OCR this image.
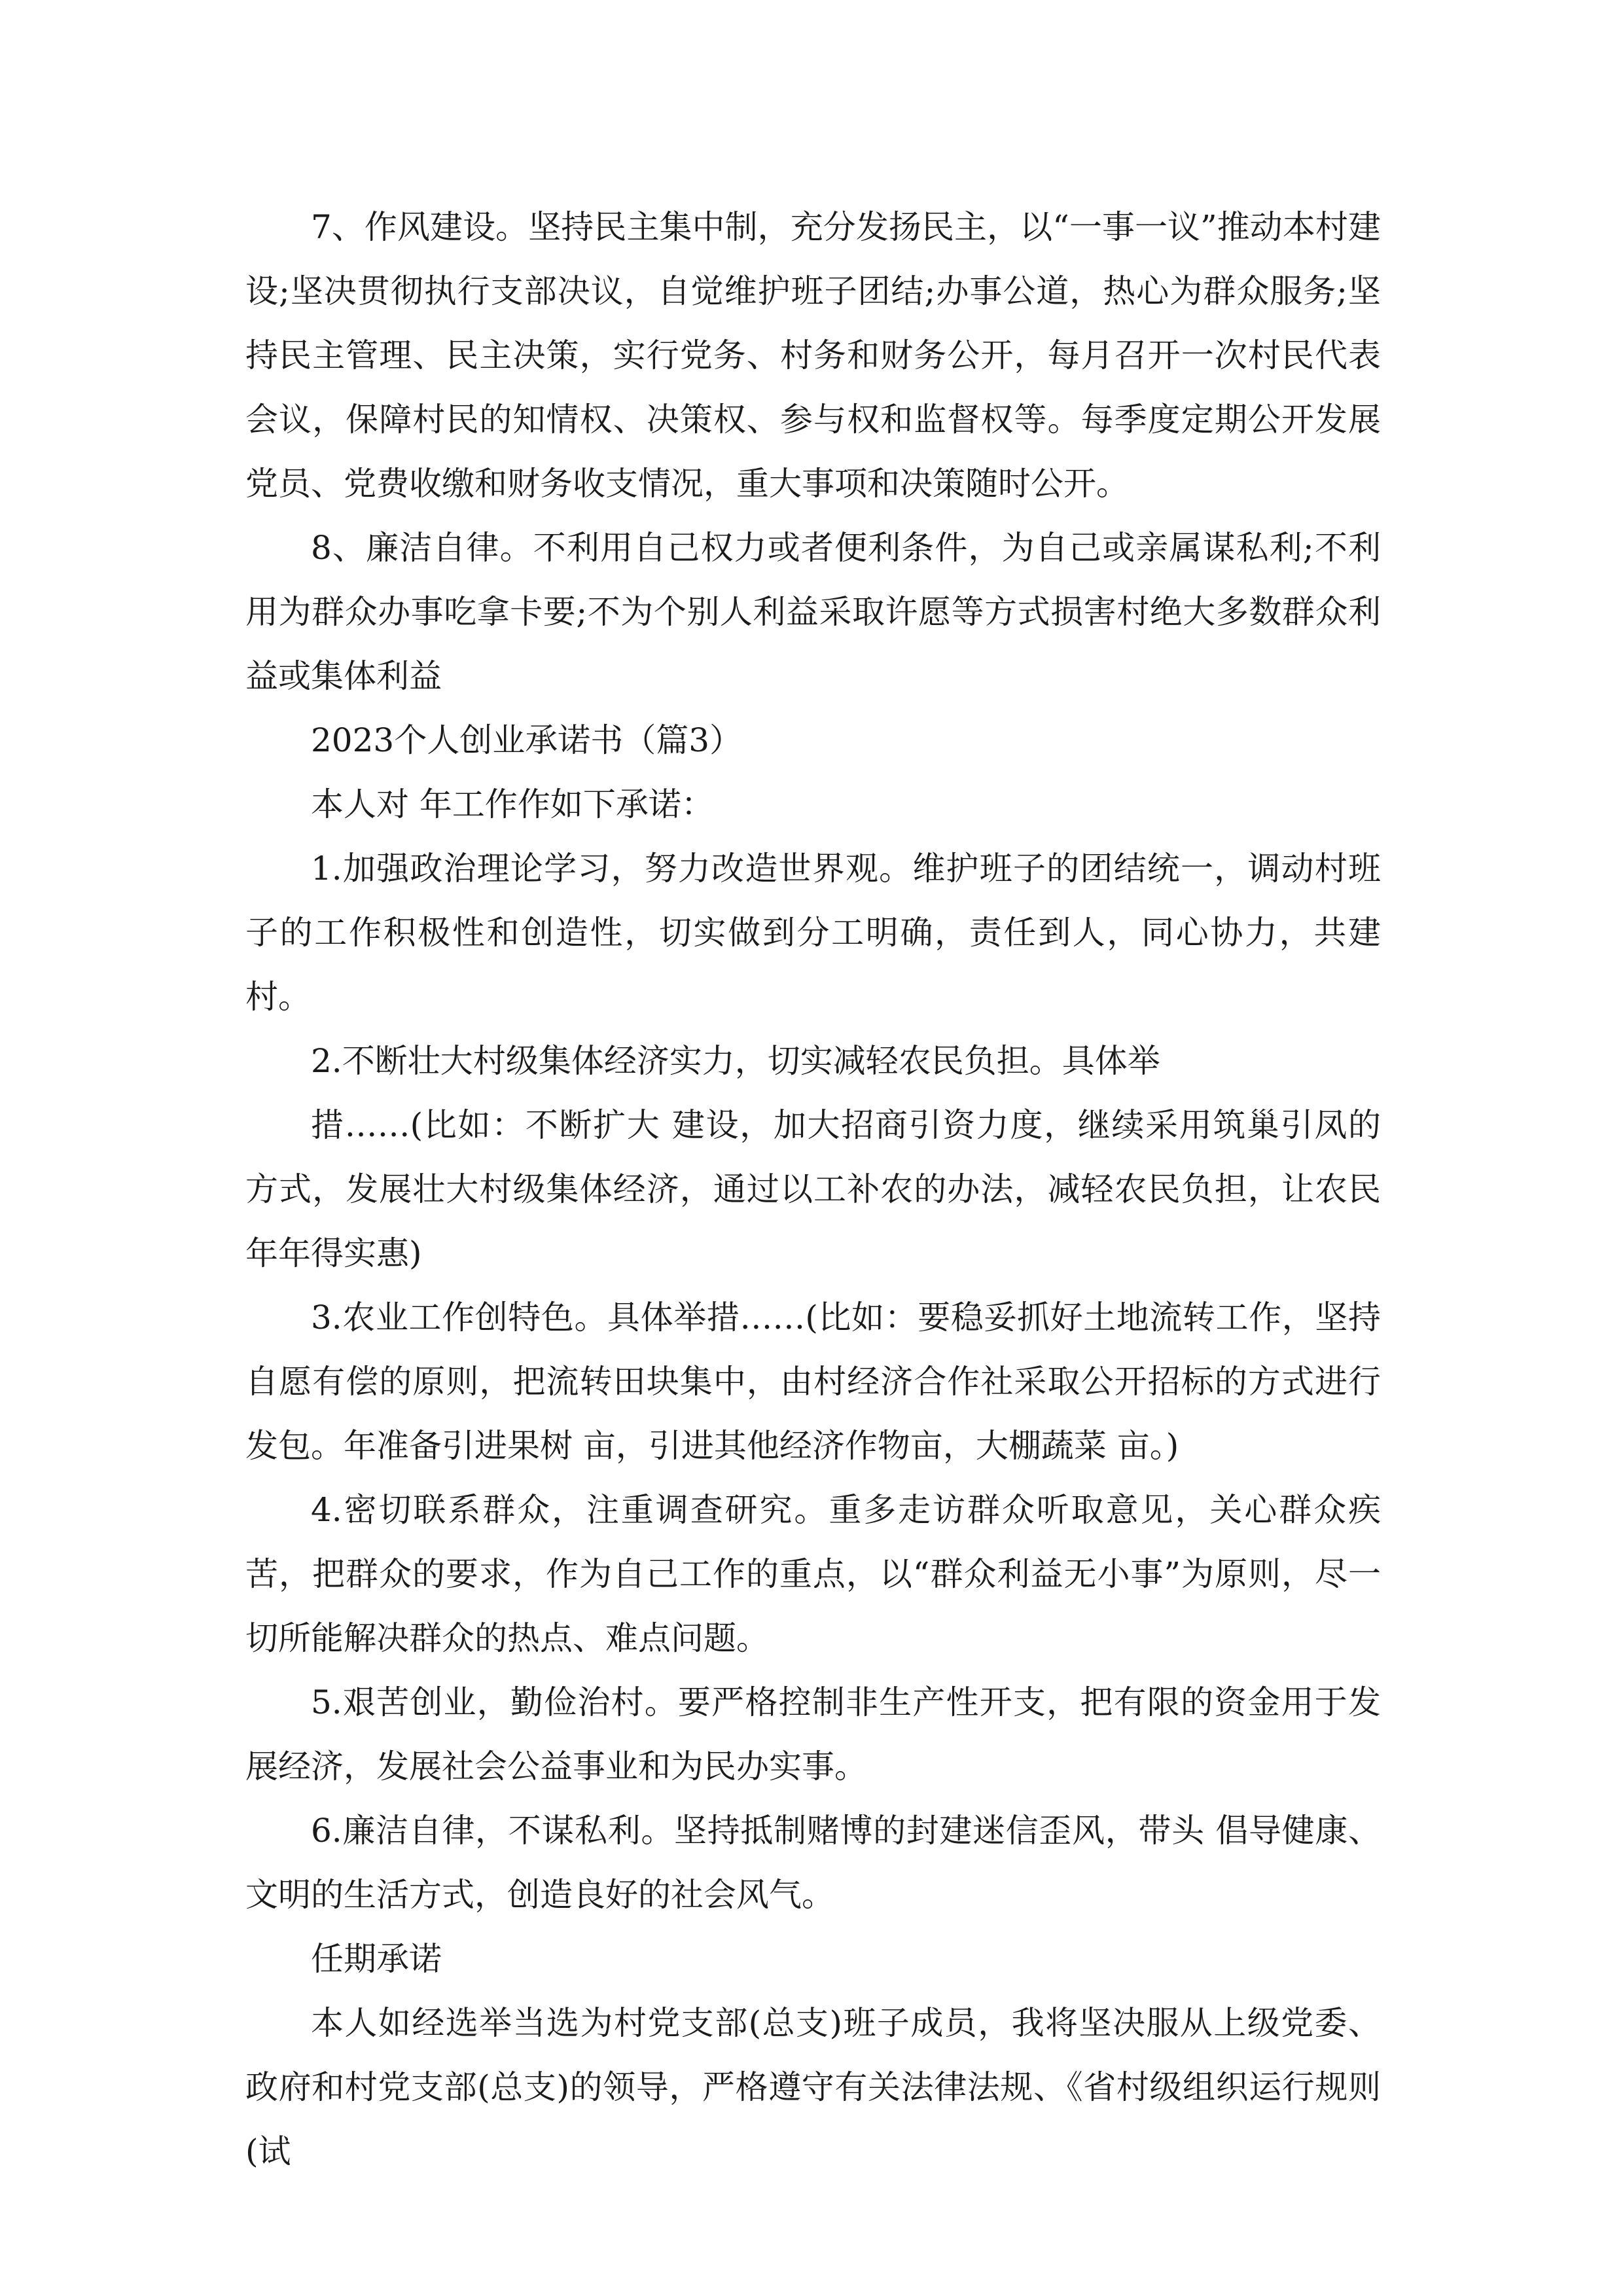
7、作风建设。坚持民主集中制，充分发扬民主，以“一事一议”推动本村建设;坚决贯彻执行支部决议，自觉维护班子团结;办事公道，热心为群众服务;坚持民主管理、民主决策，实行党务、村务和财务公开，每月召开一次村民代表会议，保障村民的知情权、决策权、参与权和监督权等。每季度定期公开发展党员、党费收缴和财务收支情况，重大事项和决策随时公开。

8、廉洁自律。不利用自己权力或者便利条件，为自己或亲属谋私利;不利用为群众办事吃拿卡要;不为个别人利益采取许愿等方式损害村绝大多数群众利益或集体利益

2023个人创业承诺书（篇3）

本人对 年工作作如下承诺：

1.加强政治理论学习，努力改造世界观。维护班子的团结统一，调动村班子的工作积极性和创造性，切实做到分工明确，责任到人，同心协力，共建村。

2.不断壮大村级集体经济实力，切实减轻农民负担。具体举

措……(比如：不断扩大 建设，加大招商引资力度，继续采用筑巢引凤的方式，发展壮大村级集体经济，通过以工补农的办法，减轻农民负担，让农民年年得实惠)

3.农业工作创特色。具体举措……(比如：要稳妥抓好土地流转工作，坚持自愿有偿的原则，把流转田块集中，由村经济合作社采取公开招标的方式进行发包。年准备引进果树 亩，引进其他经济作物亩，大棚蔬菜 亩。)

4.密切联系群众，注重调查研究。重多走访群众听取意见，关心群众疾苦，把群众的要求，作为自己工作的重点，以“群众利益无小事”为原则，尽一切所能解决群众的热点、难点问题。

5.艰苦创业，勤俭治村。要严格控制非生产性开支，把有限的资金用于发展经济，发展社会公益事业和为民办实事。

6.廉洁自律，不谋私利。坚持抵制赌博的封建迷信歪风，带头 倡导健康、文明的生活方式，创造良好的社会风气。

任期承诺

本人如经选举当选为村党支部(总支)班子成员，我将坚决服从上级党委、政府和村党支部(总支)的领导，严格遵守有关法律法规、《省村级组织运行规则(试
